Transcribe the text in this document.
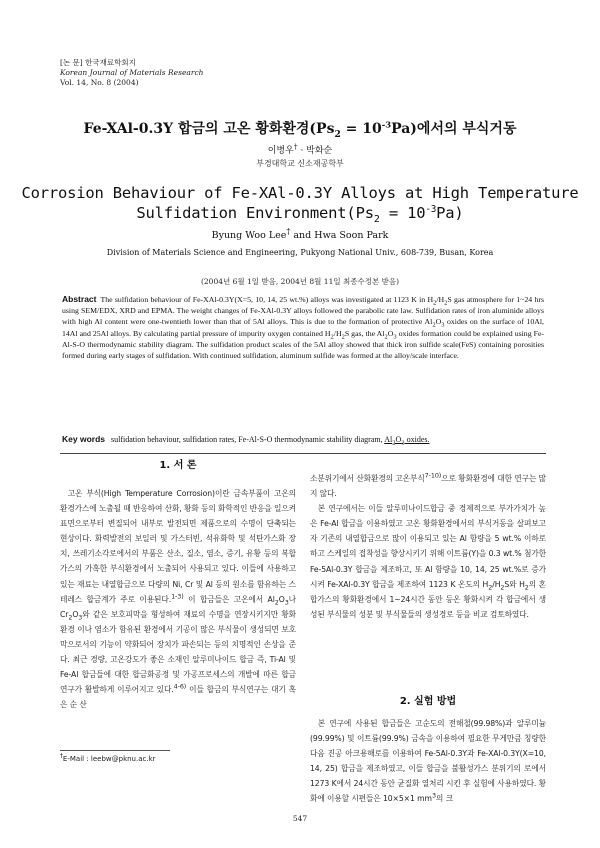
[논 문] 한국재료학회지
Korean Journal of Materials Research
Vol. 14, No. 8 (2004)
Fe-XAl-0.3Y 합금의 고온 황화환경$(Ps_2 = 10^{-3}Pa)$에서의 부식거동
이병우† · 박화순
부경대학교 신소재공학부
Corrosion Behaviour of Fe-XAl-0.3Y Alloys at High Temperature
Sulfidation $Environment(Ps_2 = 10^{-3}Pa)$
Byung Woo Lee† and Hwa Soon Park
Division of Materials Science and Engineering, Pukyong National Univ., 608-739, Busan, Korea
(2004년 6월 1일 받음, 2004년 8월 11일 최종수정본 받음)
Abstract The sulfidation behaviour of Fe-XAl-0.3Y(X=5, 10, 14, 25 wt.%) alloys was investigated at 1123 K in $H_2/H_2S$ gas atmosphere for 1~24 hrs using SEM/EDX, XRD and EPMA. The weight changes of Fe-XAl-0.3Y alloys followed the parabolic rate law. Sulfidation rates of iron aluminide alloys with high Al content were one-twentieth lower than that of 5Al alloys. This is due to the formation of protective $Al_2O_3$ oxides on the surface of 10Al, 14Al and 25Al alloys. By calculating partial pressure of impurity oxygen contained $H_2/H_2S$ gas, the $Al_2O_3$ oxides formation could be explained using Fe-Al-S-O thermodynamic stability diagram. The sulfidation product scales of the 5Al alloy showed that thick iron sulfide scale(FeS) containing porosities formed during early stages of sulfidation. With continued sulfidation, aluminum sulfide was formed at the alloy/scale interface.
Key words sulfidation behaviour, sulfidation rates, Fe-Al-S-O thermodynamic stability diagram, $Al_2O_3$ oxides.
1. 서 론

고온 부식(High Temperature Corrosion)이란 금속부품이 고온의 환경가스에 노출될 때 반응하여 산화, 황화 등의 화학적인 반응을 일으켜 표면으로부터 변질되어 내부로 발전되면 제품으로의 수명이 단축되는 현상이다. 화력발전의 보일러 및 가스터빈, 석유화학 및 석탄가스화 장치, 쓰레기소각로에서의 부품은 산소, 질소, 염소, 증기, 유황 등의 복합 가스의 가혹한 부식환경에서 노출되어 사용되고 있다. 이들에 사용하고 있는 재료는 내열합금으로 다량의 Ni, Cr 및 Al 등의 원소를 함유하는 스테레스 합금계가 주로 이용된다.$^{1-3)}$ 이 합금들은 고온에서 $Al_2O_3$나 $Cr_2O_3$와 같은 보호피막을 형성하여 재료의 수명을 연장시키지만 황화환경 이나 염소가 함유된 환경에서 기공이 많은 부식물이 생성되면 보호막으로서의 기능이 약화되어 장치가 파손되는 등의 치명적인 손상을 준다. 최근 경량, 고온강도가 좋은 소재인 알루미나이드 합금 즉, Ti-Al 및 Fe-Al 합금들에 대한 합금화공정 및 가공프로세스의 개발에 따른 합금 연구가 활발하게 이루어지고 있다.$^{4-6)}$ 이들 합금의 부식연구는 대기 혹은 순 산

소분위기에서 산화환경의 고온부식$^{7-10)}$으로 황화환경에 대한 연구는 많지 않다.

본 연구에서는 이들 알루미나이드합금 중 경제적으로 부가가치가 높은 Fe-Al 합금을 이용하였고 고온 황화환경에서의 부식거동을 살펴보고자 기존의 내열합금으로 많이 이용되고 있는 Al 함량을 5 wt.% 이하로 하고 스케일의 접착성을 향상시키기 위해 이트륨(Y)을 0.3 wt.% 첨가한 Fe-5Al-0.3Y 합금을 제조하고, 또 Al 함량을 10, 14, 25 wt.%로 증가 시켜 Fe-XAl-0.3Y 합금을 제조하여 1123 K 온도의 $H_2/H_2S$와 $H_2$의 혼합가스의 황화환경에서 1~24시간 동안 등온 황화시켜 각 합금에서 생성된 부식물의 성분 및 부식물들의 생성경로 등을 비교 검토하였다.

2. 실험 방법

본 연구에 사용된 합금들은 고순도의 전해철(99.98%)과 알루미늄(99.99%) 및 이트륨(99.9%) 금속을 이용하여 필요한 무게만큼 칭량한 다음 진공 아크용해로를 이용하여 Fe-5Al-0.3Y과 Fe-XAl-0.3Y(X=10, 14, 25) 합금을 제조하였고, 이들 합금을 불활성가스 분위기의 로에서 1273 K에서 24시간 동안 균질화 열처리 시킨 후 실험에 사용하였다. 황화에 이용할 시편들은 10×5×1 $mm^3$의 크

†E-Mail : leebw@pknu.ac.kr
547
